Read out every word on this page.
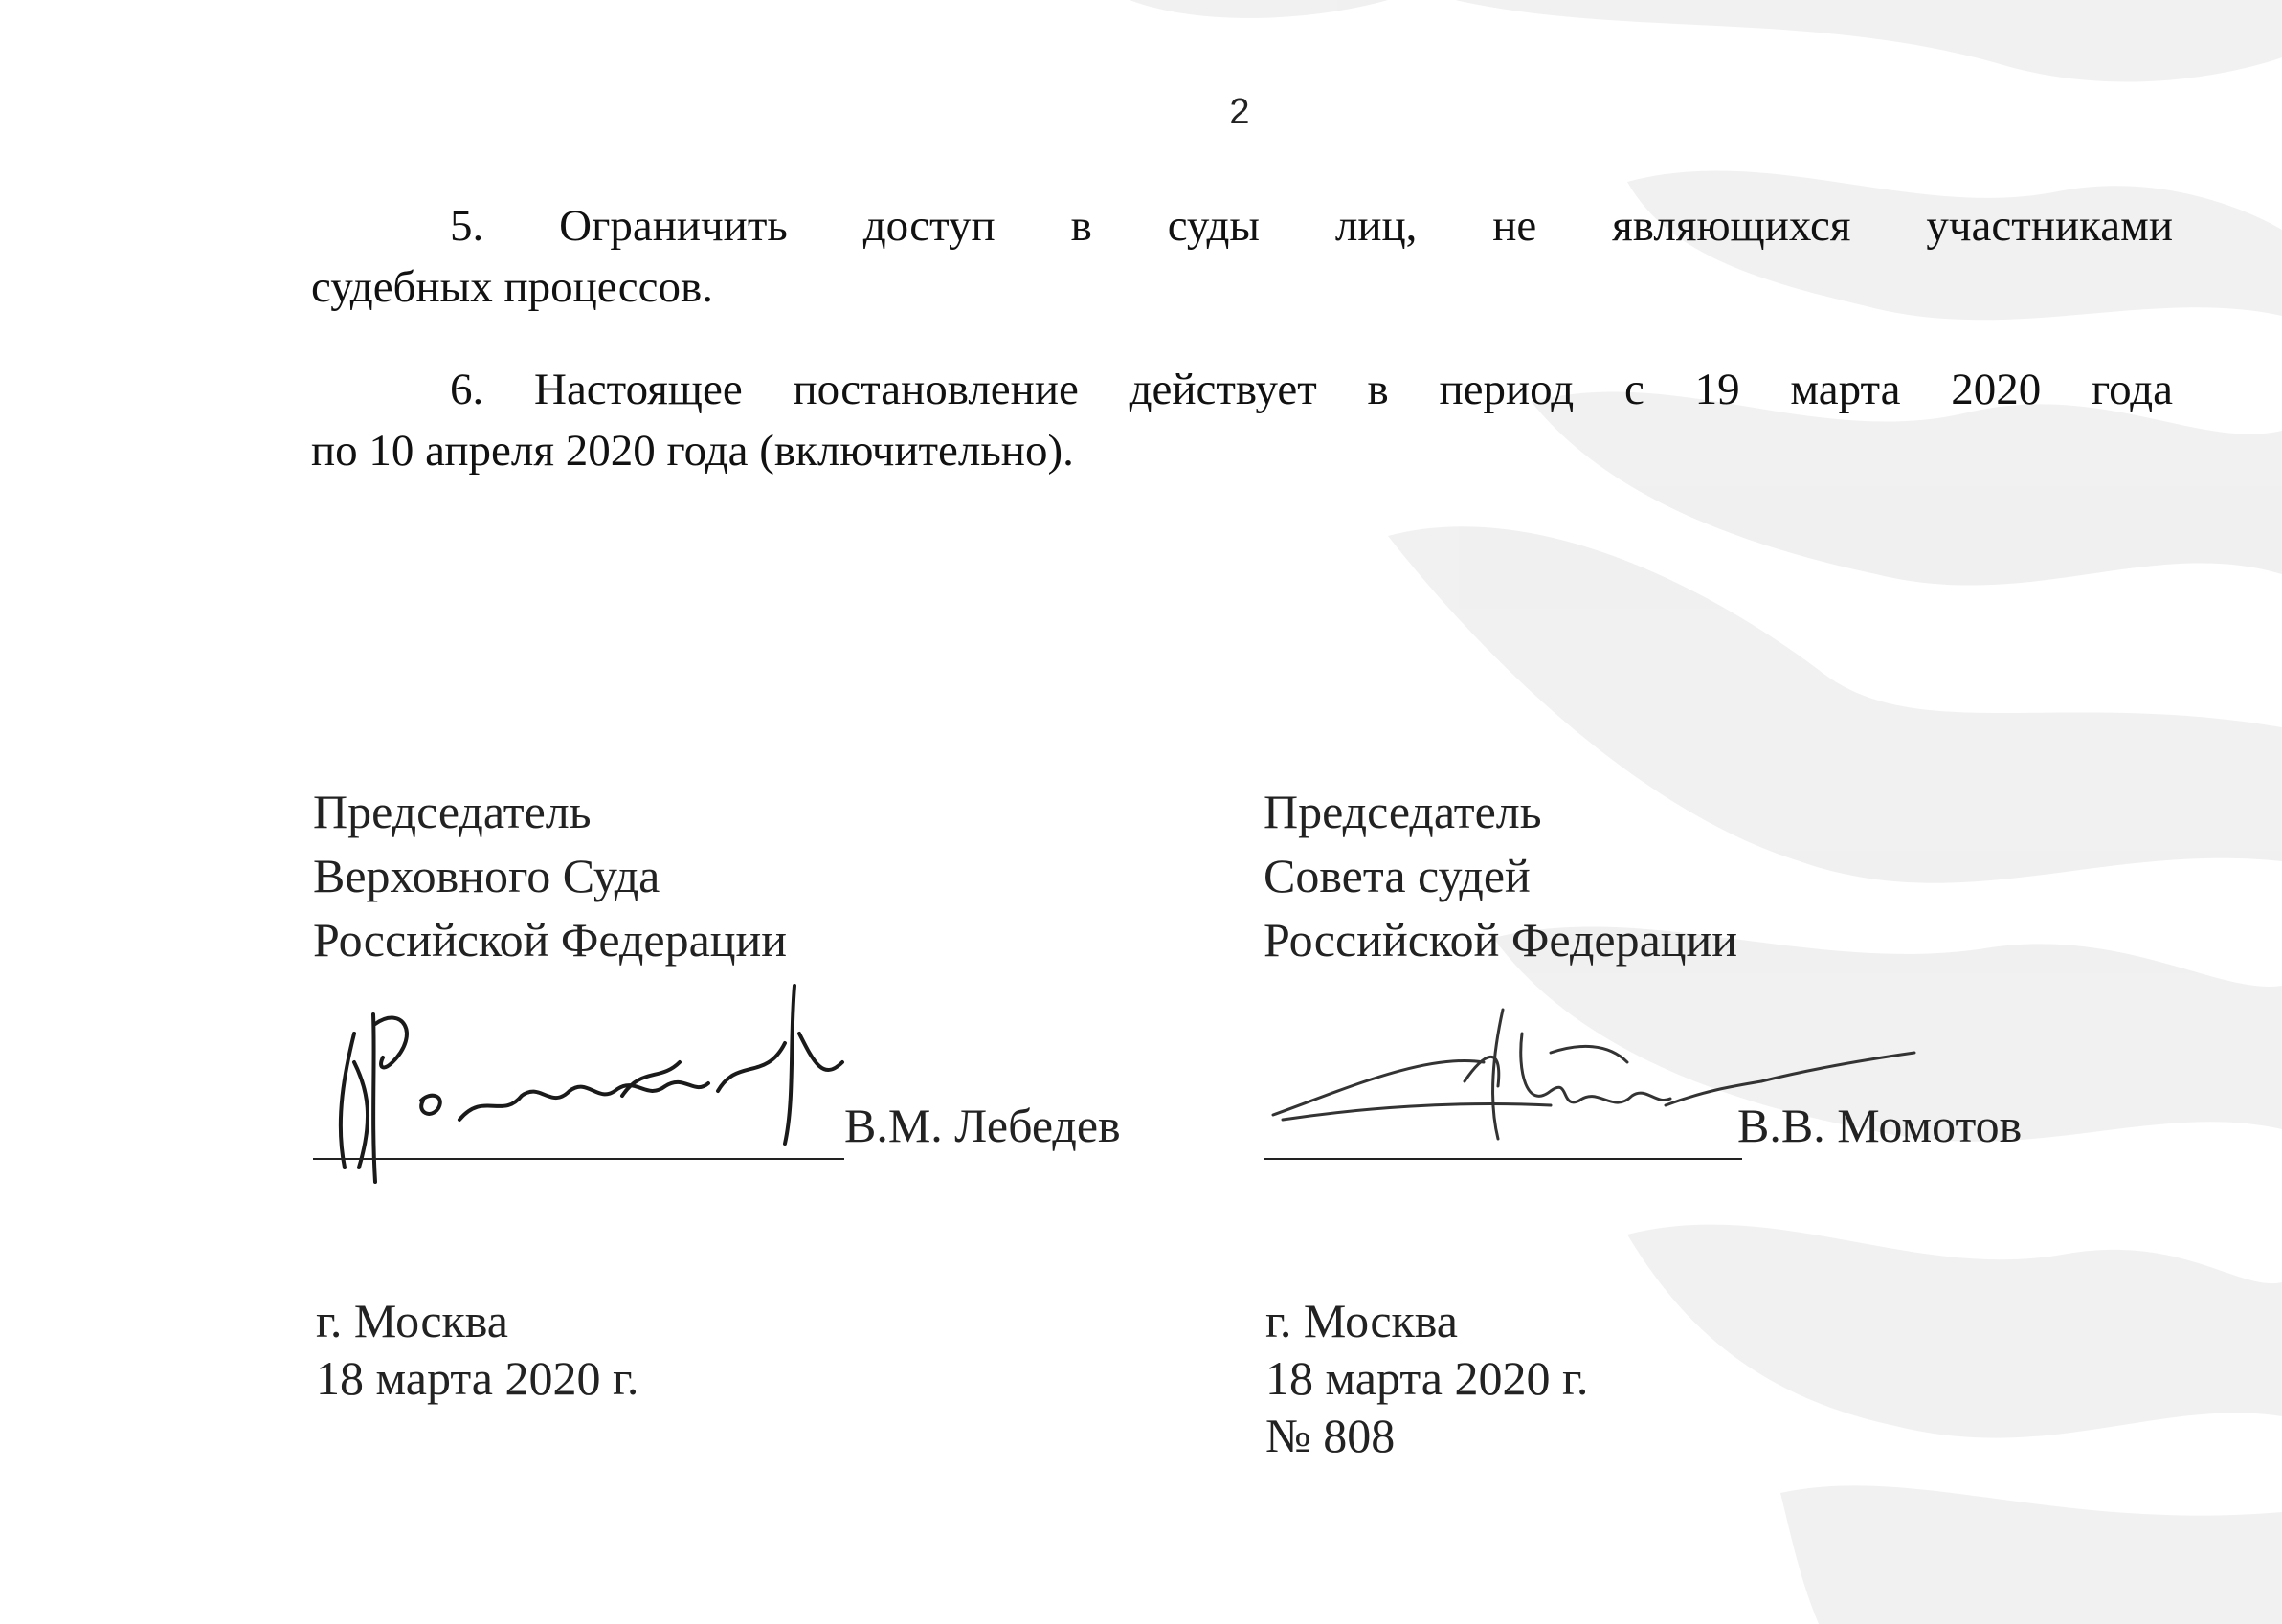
2
5. Ограничить доступ в суды лиц, не являющихся участниками
судебных процессов.
6. Настоящее постановление действует в период с 19 марта 2020 года
по 10 апреля 2020 года (включительно).
Председатель
Верховного Суда
Российской Федерации
Председатель
Совета судей
Российской Федерации
В.М. Лебедев	В.В. Момотов
г. Москва
18 марта 2020 г.
г. Москва
18 марта 2020 г.
№ 808
